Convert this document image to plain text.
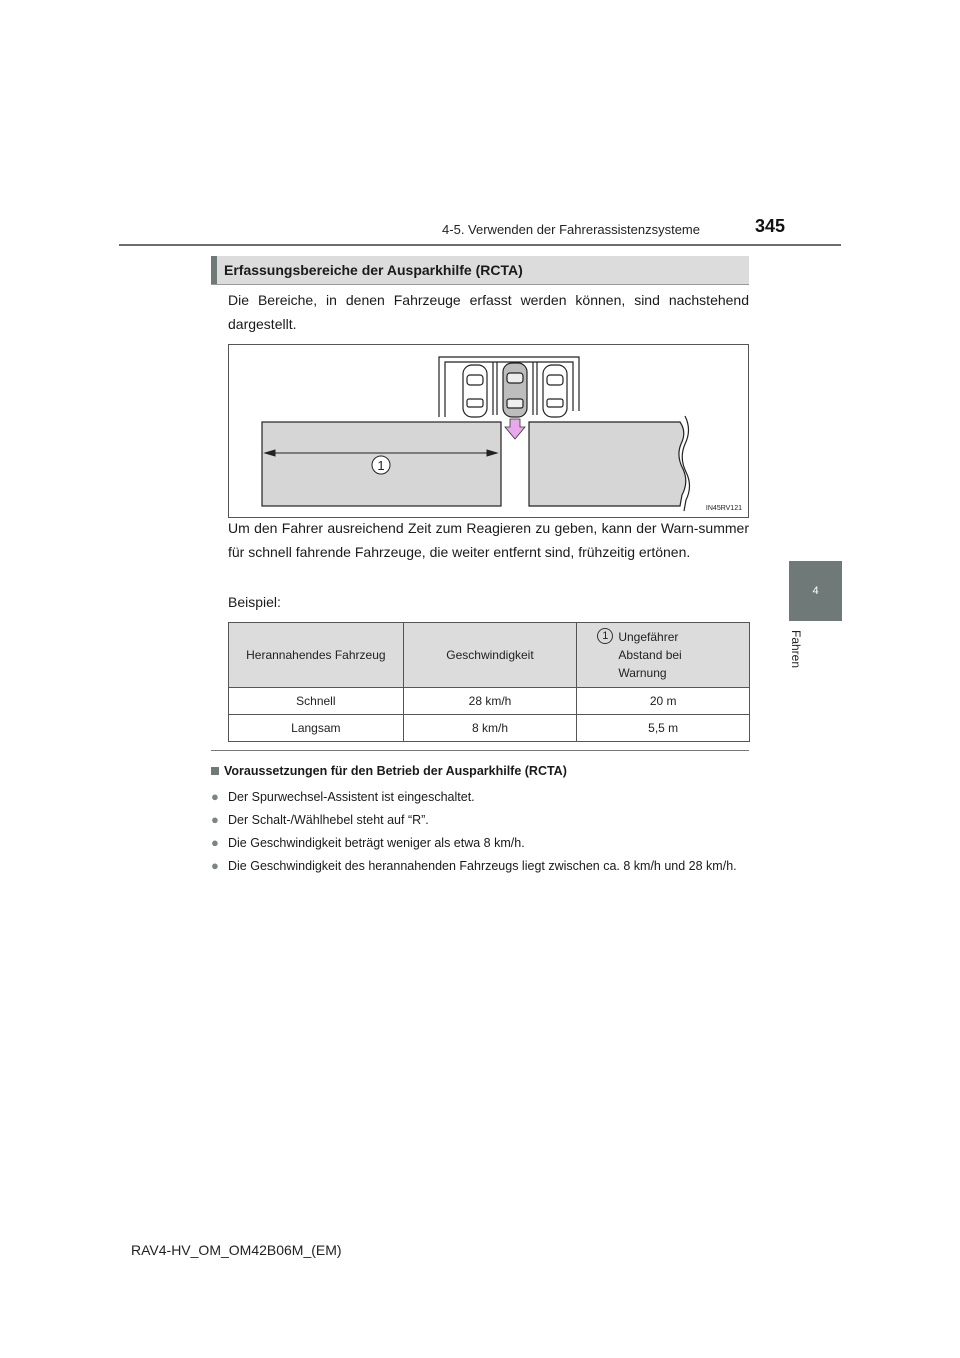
4-5. Verwenden der Fahrerassistenzsysteme	345
4
Fahren
Erfassungsbereiche der Ausparkhilfe (RCTA)
Die Bereiche, in denen Fahrzeuge erfasst werden können, sind nachstehend dargestellt.
1
IN45RV121
Um den Fahrer ausreichend Zeit zum Reagieren zu geben, kann der Warn-summer für schnell fahrende Fahrzeuge, die weiter entfernt sind, frühzeitig ertönen.
Beispiel:
Herannahendes Fahrzeug	Geschwindigkeit	1 Ungefährer
Abstand bei
Warnung
Schnell	28 km/h	20 m
Langsam	8 km/h	5,5 m
Voraussetzungen für den Betrieb der Ausparkhilfe (RCTA)
● Der Spurwechsel-Assistent ist eingeschaltet.
● Der Schalt-/Wählhebel steht auf “R”.
● Die Geschwindigkeit beträgt weniger als etwa 8 km/h.
● Die Geschwindigkeit des herannahenden Fahrzeugs liegt zwischen ca. 8 km/h und 28 km/h.
RAV4-HV_OM_OM42B06M_(EM)
